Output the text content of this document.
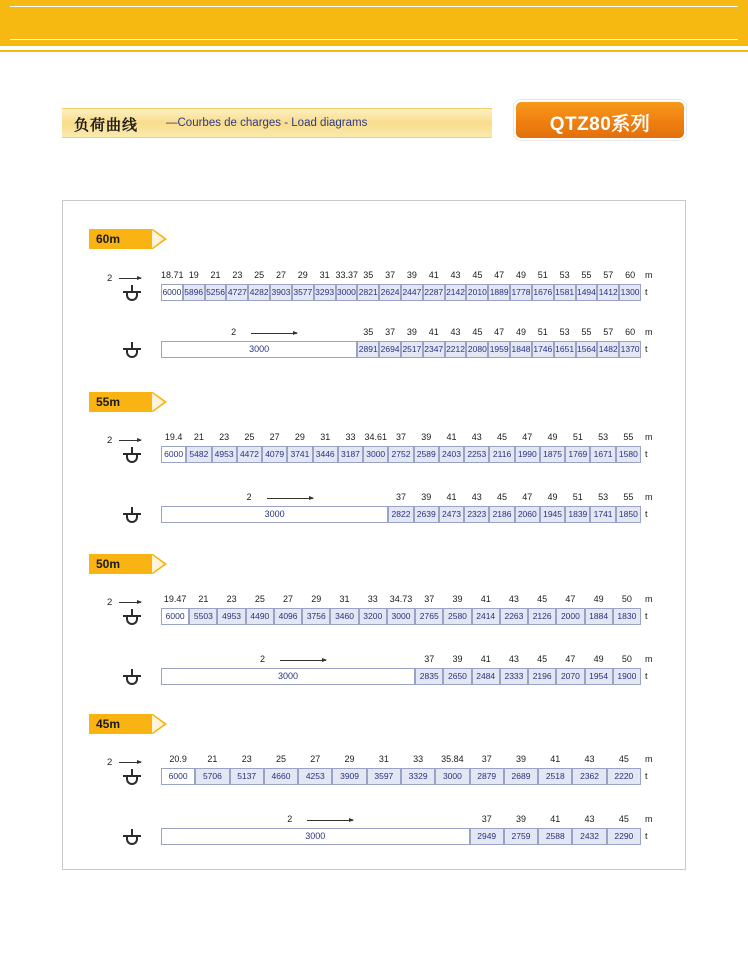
负荷曲线 —Courbes de charges - Load diagrams	QTZ80系列
60m
2	18.71 19	21	23	25	27	29	31 33.37 35	37	39	41	43	45	47	49	51	53	55	57	60	m
6000 5896 5256 4727 4282 3903 3577 3293 3000 2821 2624 2447 2287 2142 2010 1889 1778 1676 1581 1494 1412 1300 t
35	37	39	41	43	45	47	49	51	53	55	57	60	m
2
3000	2891 2694 2517 2347 2212 2080 1959 1848 1746 1651 1564 1482 1370 t
55m
2	19.4	21	23	25	27	29	31	33	34.61 37	39	41	43	45	47	49	51	53	55	m
6000 5482 4953 4472 4079 3741 3446 3187 3000 2752 2589 2403 2253 2116 1990 1875 1769 1671 1580 t
37	39	41	43	45	47	49	51	53	55	m
2
3000	2822 2639 2473 2323 2186 2060 1945 1839 1741 1850 t
50m
2	19.47	21	23	25	27	29	31	33	34.73	37	39	41	43	45	47	49	50	m
6000	5503	4953	4490	4096	3756	3460	3200	3000	2765	2580	2414	2263	2126	2000	1884	1830 t
37	39	41	43	45	47	49	50	m
2
3000	2835	2650	2484	2333	2196	2070	1954	1900 t
45m
2	20.9	21	23	25	27	29	31	33	35.84	37	39	41	43	45	m
6000	5706	5137	4660	4253	3909	3597	3329	3000	2879	2689	2518	2362	2220	t
37	39	41	43	45	m
2
3000	2949	2759	2588	2432	2290	t
